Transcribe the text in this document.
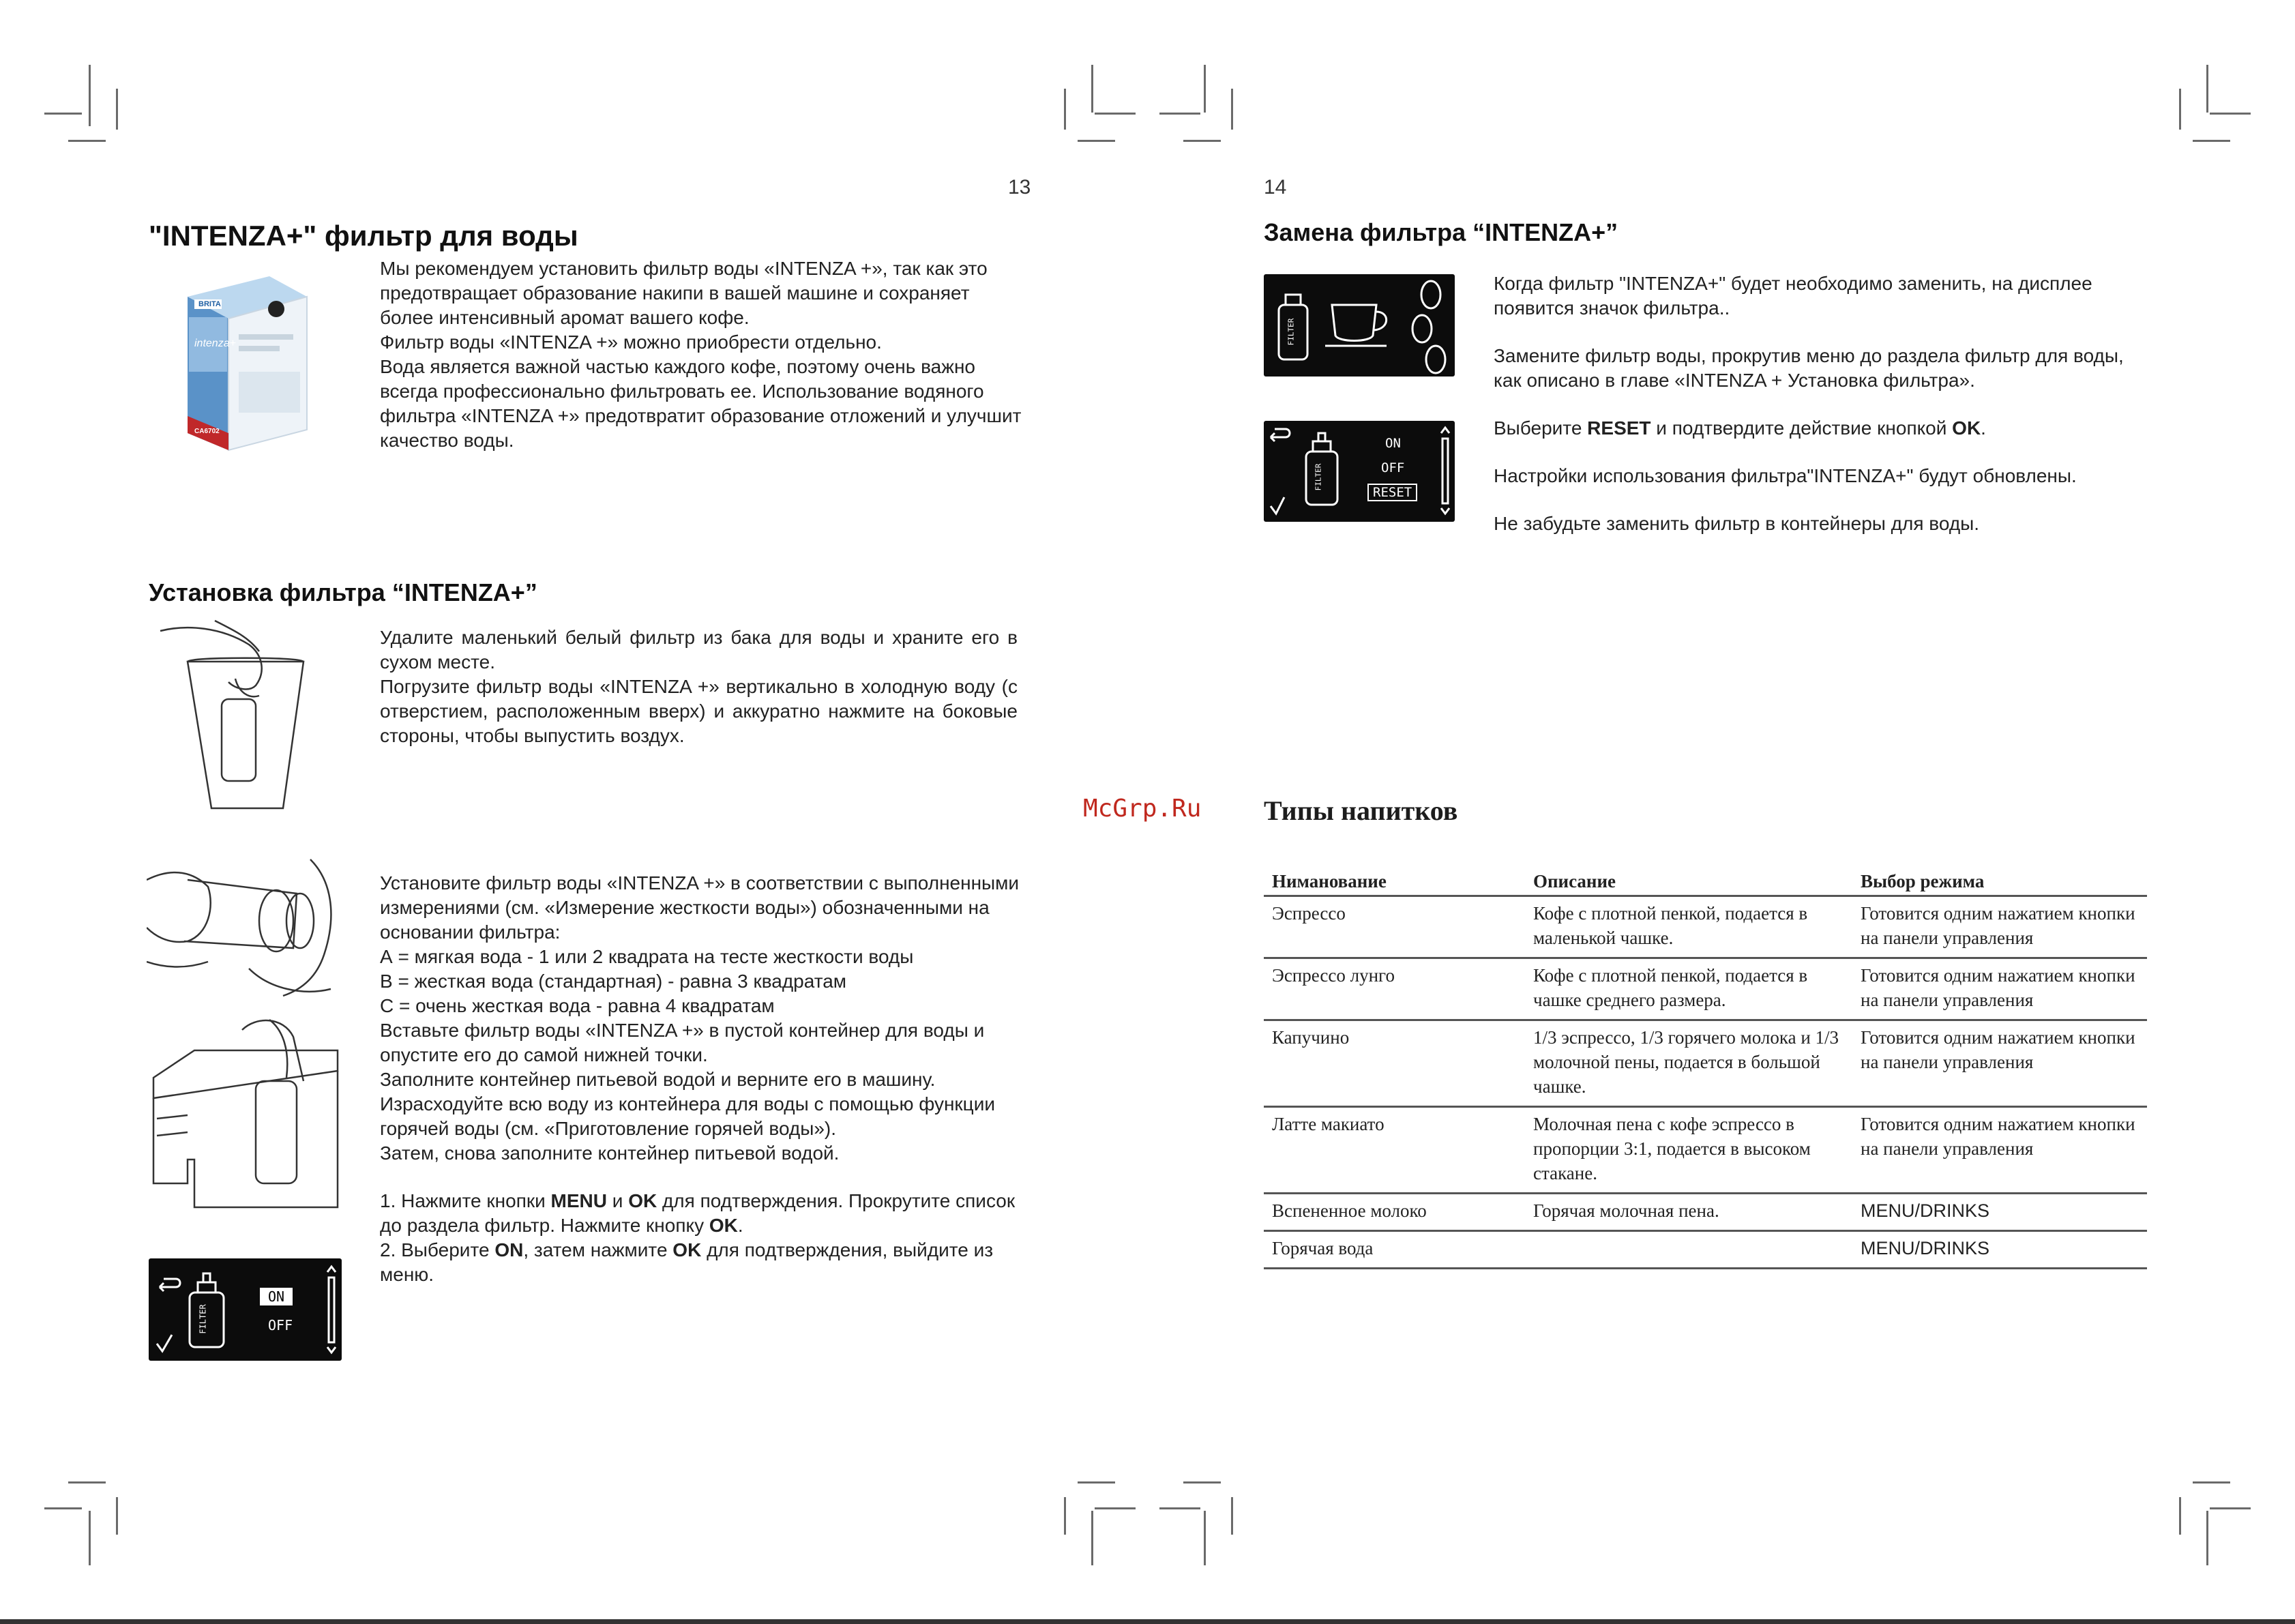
13
"INTENZA+" фильтр для воды
BRITA
intenza+
CA6702

Мы рекомендуем установить фильтр воды «INTENZA +», так как это предотвращает образование накипи в вашей машине и сохраняет более интенсивный аромат вашего кофе.

Фильтр воды «INTENZA +» можно приобрести отдельно.

Вода является важной частью каждого кофе, поэтому очень важно всегда профессионально фильтровать ее. Использование водяного фильтра «INTENZA +» предотвратит образование отложений и улучшит качество воды.

Установка фильтра “INTENZA+”

Удалите маленький белый фильтр из бака для воды и храните его в сухом месте.

Погрузите фильтр воды «INTENZA +» вертикально в холодную воду (с отверстием, расположенным вверх) и аккуратно нажмите на боковые стороны, чтобы выпустить воздух.

Установите фильтр воды «INTENZA +» в соответствии с выполненными измерениями (см. «Измерение жесткости воды») обозначенными на основании фильтра:

А = мягкая вода - 1 или 2 квадрата на тесте жесткости воды

В = жесткая вода (стандартная) - равна 3 квадратам

С = очень жесткая вода - равна 4 квадратам

Вставьте фильтр воды «INTENZA +» в пустой контейнер для воды и опустите его до самой нижней точки.

Заполните контейнер питьевой водой и верните его в машину.

Израсходуйте всю воду из контейнера для воды с помощью функции горячей воды (см. «Приготовление горячей воды»).

Затем, снова заполните контейнер питьевой водой.

1. Нажмите кнопки MENU и OK для подтверждения. Прокрутите список до раздела фильтр. Нажмите кнопку OK.

2. Выберите ON, затем нажмите OK для подтверждения, выйдите из меню.

FILTER
ON
OFF
14
Замена фильтра “INTENZA+”
FILTER
FILTER
ON
OFF
RESET

Когда фильтр "INTENZA+" будет необходимо заменить, на дисплее появится значок фильтра..

Замените фильтр воды, прокрутив меню до раздела фильтр для воды, как описано в главе «INTENZA + Установка фильтра».

Выберите RESET и подтвердите действие кнопкой OK.

Настройки использования фильтра"INTENZA+" будут обновлены.

Не забудьте заменить фильтр в контейнеры для воды.

McGrp.Ru Типы напитков
Нимановaние	Описание	Выбор режима
Эспрессо	Кофе с плотной пенкой, подается в маленькой чашке.	Готовится одним нажатием кнопки на панели управления
Эспрессо лунго	Кофе с плотной пенкой, подается в чашке среднего размера.	Готовится одним нажатием кнопки на панели управления
Капучино	1/3 эспрессо, 1/3 горячего молока и 1/3 молочной пены, подается в большой чашке.	Готовится одним нажатием кнопки на панели управления
Латте макиато	Молочная пена с кофе эспрессо в пропорции 3:1, подается в высоком стакане.	Готовится одним нажатием кнопки на панели управления
Вспененное молоко	Горячая молочная пена.	MENU/DRINKS
Горячая вода		MENU/DRINKS
